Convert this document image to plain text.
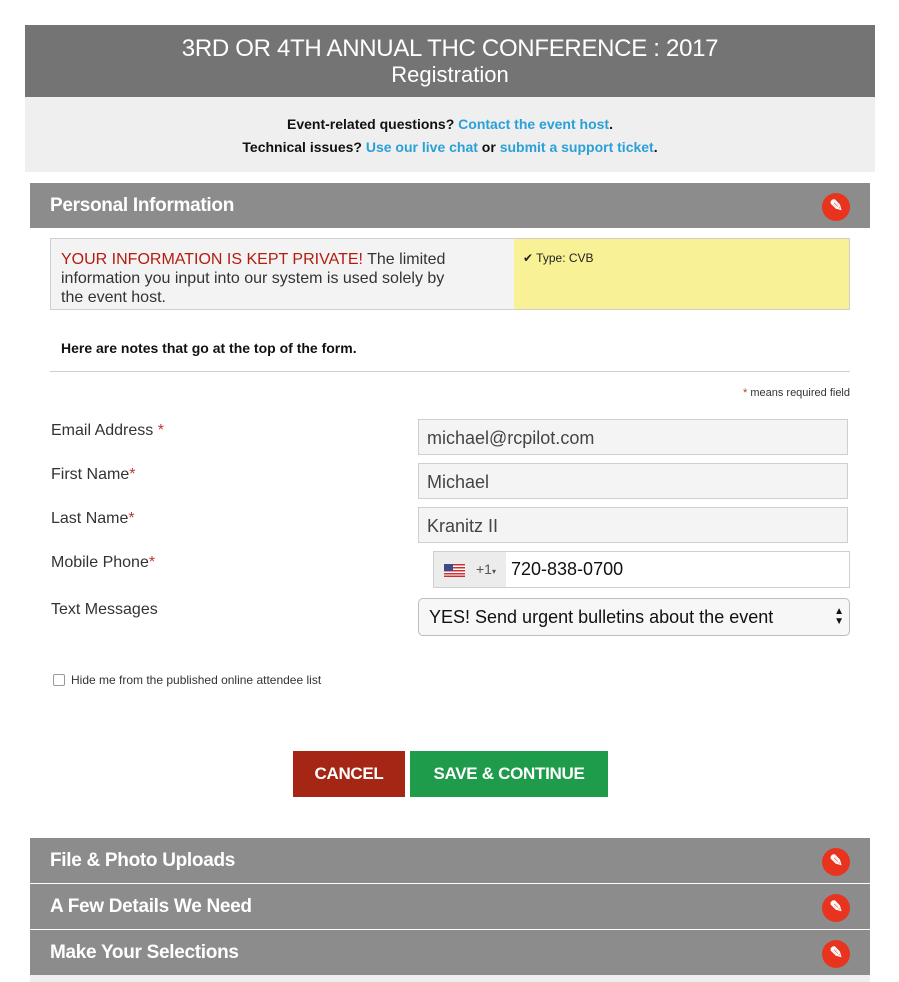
3RD OR 4TH ANNUAL THC CONFERENCE : 2017
Registration
Event-related questions? Contact the event host.
Technical issues? Use our live chat or submit a support ticket.
Personal Information	✎
YOUR INFORMATION IS KEPT PRIVATE! The limited information you input into our system is used solely by the event host.
✔ Type: CVB
Here are notes that go at the top of the form.
* means required field
Email Address *	michael@rcpilot.com
First Name*	Michael
Last Name*	Kranitz II
Mobile Phone*	+1▾ 720-838-0700
Text Messages	YES! Send urgent bulletins about the event	▲
▼
Hide me from the published online attendee list
CANCEL	SAVE & CONTINUE
File & Photo Uploads	✎
A Few Details We Need	✎
Make Your Selections	✎
